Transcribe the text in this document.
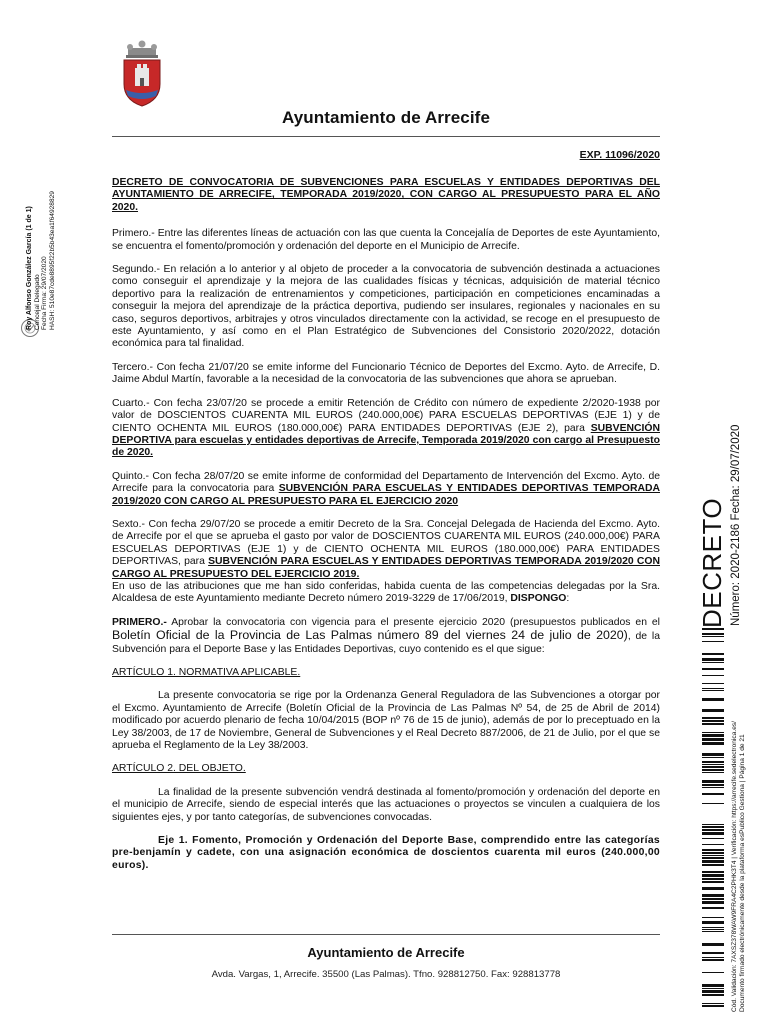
Ayuntamiento de Arrecife
EXP. 11096/2020

DECRETO DE CONVOCATORIA DE SUBVENCIONES PARA ESCUELAS Y ENTIDADES DEPORTIVAS DEL AYUNTAMIENTO DE ARRECIFE, TEMPORADA 2019/2020, CON CARGO AL PRESUPUESTO PARA EL AÑO 2020.

Primero.- Entre las diferentes líneas de actuación con las que cuenta la Concejalía de Deportes de este Ayuntamiento, se encuentra el fomento/promoción y ordenación del deporte en el Municipio de Arrecife.

Segundo.- En relación a lo anterior y al objeto de proceder a la convocatoria de subvención destinada a actuaciones como conseguir el aprendizaje y la mejora de las cualidades físicas y técnicas, adquisición de material técnico deportivo para la realización de entrenamientos y competiciones, participación en competiciones encaminadas a conseguir la mejora del aprendizaje de la práctica deportiva, pudiendo ser insulares, regionales y nacionales en su caso, seguros deportivos, arbitrajes y otros vinculados directamente con la actividad, se recoge en el presupuesto de este Ayuntamiento, y así como en el Plan Estratégico de Subvenciones del Consistorio 2020/2022, dotación económica para tal finalidad.

Tercero.- Con fecha 21/07/20 se emite informe del Funcionario Técnico de Deportes del Excmo. Ayto. de Arrecife, D. Jaime Abdul Martín, favorable a la necesidad de la convocatoria de las subvenciones que ahora se aprueban.

Cuarto.- Con fecha 23/07/20 se procede a emitir Retención de Crédito con número de expediente 2/2020-1938 por valor de DOSCIENTOS CUARENTA MIL EUROS (240.000,00€) PARA ESCUELAS DEPORTIVAS (EJE 1) y de CIENTO OCHENTA MIL EUROS (180.000,00€) PARA ENTIDADES DEPORTIVAS (EJE 2), para SUBVENCIÓN DEPORTIVA para escuelas y entidades deportivas de Arrecife, Temporada 2019/2020 con cargo al Presupuesto de 2020.

Quinto.- Con fecha 28/07/20 se emite informe de conformidad del Departamento de Intervención del Excmo. Ayto. de Arrecife para la convocatoria para SUBVENCIÓN PARA ESCUELAS Y ENTIDADES DEPORTIVAS TEMPORADA 2019/2020 CON CARGO AL PRESUPUESTO PARA EL EJERCICIO 2020

Sexto.- Con fecha 29/07/20 se procede a emitir Decreto de la Sra. Concejal Delegada de Hacienda del Excmo. Ayto. de Arrecife por el que se aprueba el gasto por valor de DOSCIENTOS CUARENTA MIL EUROS (240.000,00€) PARA ESCUELAS DEPORTIVAS (EJE 1) y de CIENTO OCHENTA MIL EUROS (180.000,00€) PARA ENTIDADES DEPORTIVAS, para SUBVENCIÓN PARA ESCUELAS Y ENTIDADES DEPORTIVAS TEMPORADA 2019/2020 CON CARGO AL PRESUPUESTO DEL EJERCICIO 2019.

En uso de las atribuciones que me han sido conferidas, habida cuenta de las competencias delegadas por la Sra. Alcaldesa de este Ayuntamiento mediante Decreto número 2019-3229 de 17/06/2019, DISPONGO:

PRIMERO.- Aprobar la convocatoria con vigencia para el presente ejercicio 2020 (presupuestos publicados en el Boletín Oficial de la Provincia de Las Palmas número 89 del viernes 24 de julio de 2020), de la Subvención para el Deporte Base y las Entidades Deportivas, cuyo contenido es el que sigue:

ARTÍCULO 1. NORMATIVA APLICABLE.

La presente convocatoria se rige por la Ordenanza General Reguladora de las Subvenciones a otorgar por el Excmo. Ayuntamiento de Arrecife (Boletín Oficial de la Provincia de Las Palmas Nº 54, de 25 de Abril de 2014) modificado por acuerdo plenario de fecha 10/04/2015 (BOP nº 76 de 15 de junio), además de por lo preceptuado en la Ley 38/2003, de 17 de Noviembre, General de Subvenciones y el Real Decreto 887/2006, de 21 de Julio, por el que se aprueba el Reglamento de la Ley 38/2003.

ARTÍCULO 2. DEL OBJETO.

La finalidad de la presente subvención vendrá destinada al fomento/promoción y ordenación del deporte en el municipio de Arrecife, siendo de especial interés que las actuaciones o proyectos se vinculen a cualquiera de los siguientes ejes, y por tanto categorías, de subvenciones convocadas.

Eje 1. Fomento, Promoción y Ordenación del Deporte Base, comprendido entre las categorías pre-benjamín y cadete, con una asignación económica de doscientos cuarenta mil euros (240.000,00 euros).

Ayuntamiento de Arrecife
Avda. Vargas, 1, Arrecife. 35500 (Las Palmas). Tfno. 928812750. Fax: 928813778
Roy Alfonso González García (1 de 1) Concejal Delegado Fecha Firma: 29/07/2020 HASH: 510e87cde8895f22b5b43ea1f64928829
DECRETO Número: 2020-2186 Fecha: 29/07/2020
Cód. Validación: 7AXSZ378WAW9FRA4C2PHK3T4 | Verificación: https://arrecife.sedelectronica.es/ Documento firmado electrónicamente desde la plataforma esPublico Gestiona | Página 1 de 21
